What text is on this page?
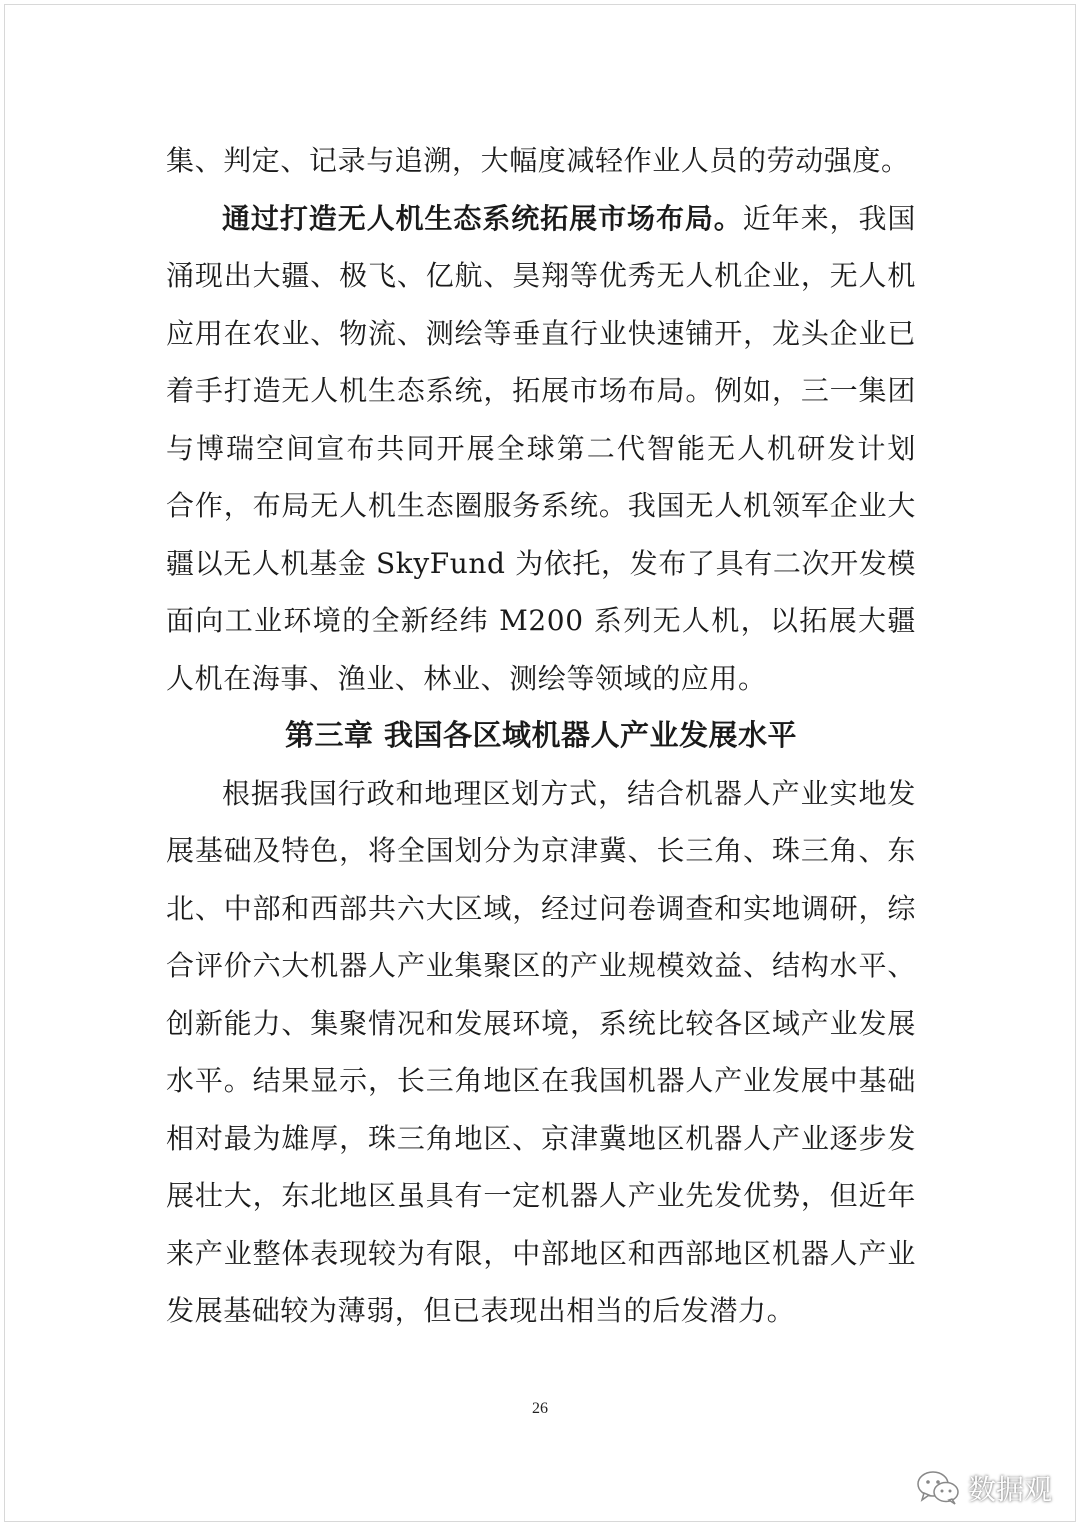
集、判定、记录与追溯，大幅度减轻作业人员的劳动强度。
通过打造无人机生态系统拓展市场布局。近年来，我国
涌现出大疆、极飞、亿航、昊翔等优秀无人机企业，无人机
应用在农业、物流、测绘等垂直行业快速铺开，龙头企业已
着手打造无人机生态系统，拓展市场布局。例如，三一集团
与博瑞空间宣布共同开展全球第二代智能无人机研发计划
合作，布局无人机生态圈服务系统。我国无人机领军企业大
疆以无人机基金 SkyFund 为依托，发布了具有二次开发模
面向工业环境的全新经纬 M200 系列无人机，以拓展大疆
人机在海事、渔业、林业、测绘等领域的应用。
第三章 我国各区域机器人产业发展水平
根据我国行政和地理区划方式，结合机器人产业实地发
展基础及特色，将全国划分为京津冀、长三角、珠三角、东
北、中部和西部共六大区域，经过问卷调查和实地调研，综
合评价六大机器人产业集聚区的产业规模效益、结构水平、
创新能力、集聚情况和发展环境，系统比较各区域产业发展
水平。结果显示，长三角地区在我国机器人产业发展中基础
相对最为雄厚，珠三角地区、京津冀地区机器人产业逐步发
展壮大，东北地区虽具有一定机器人产业先发优势，但近年
来产业整体表现较为有限，中部地区和西部地区机器人产业
发展基础较为薄弱，但已表现出相当的后发潜力。
26
数据观
